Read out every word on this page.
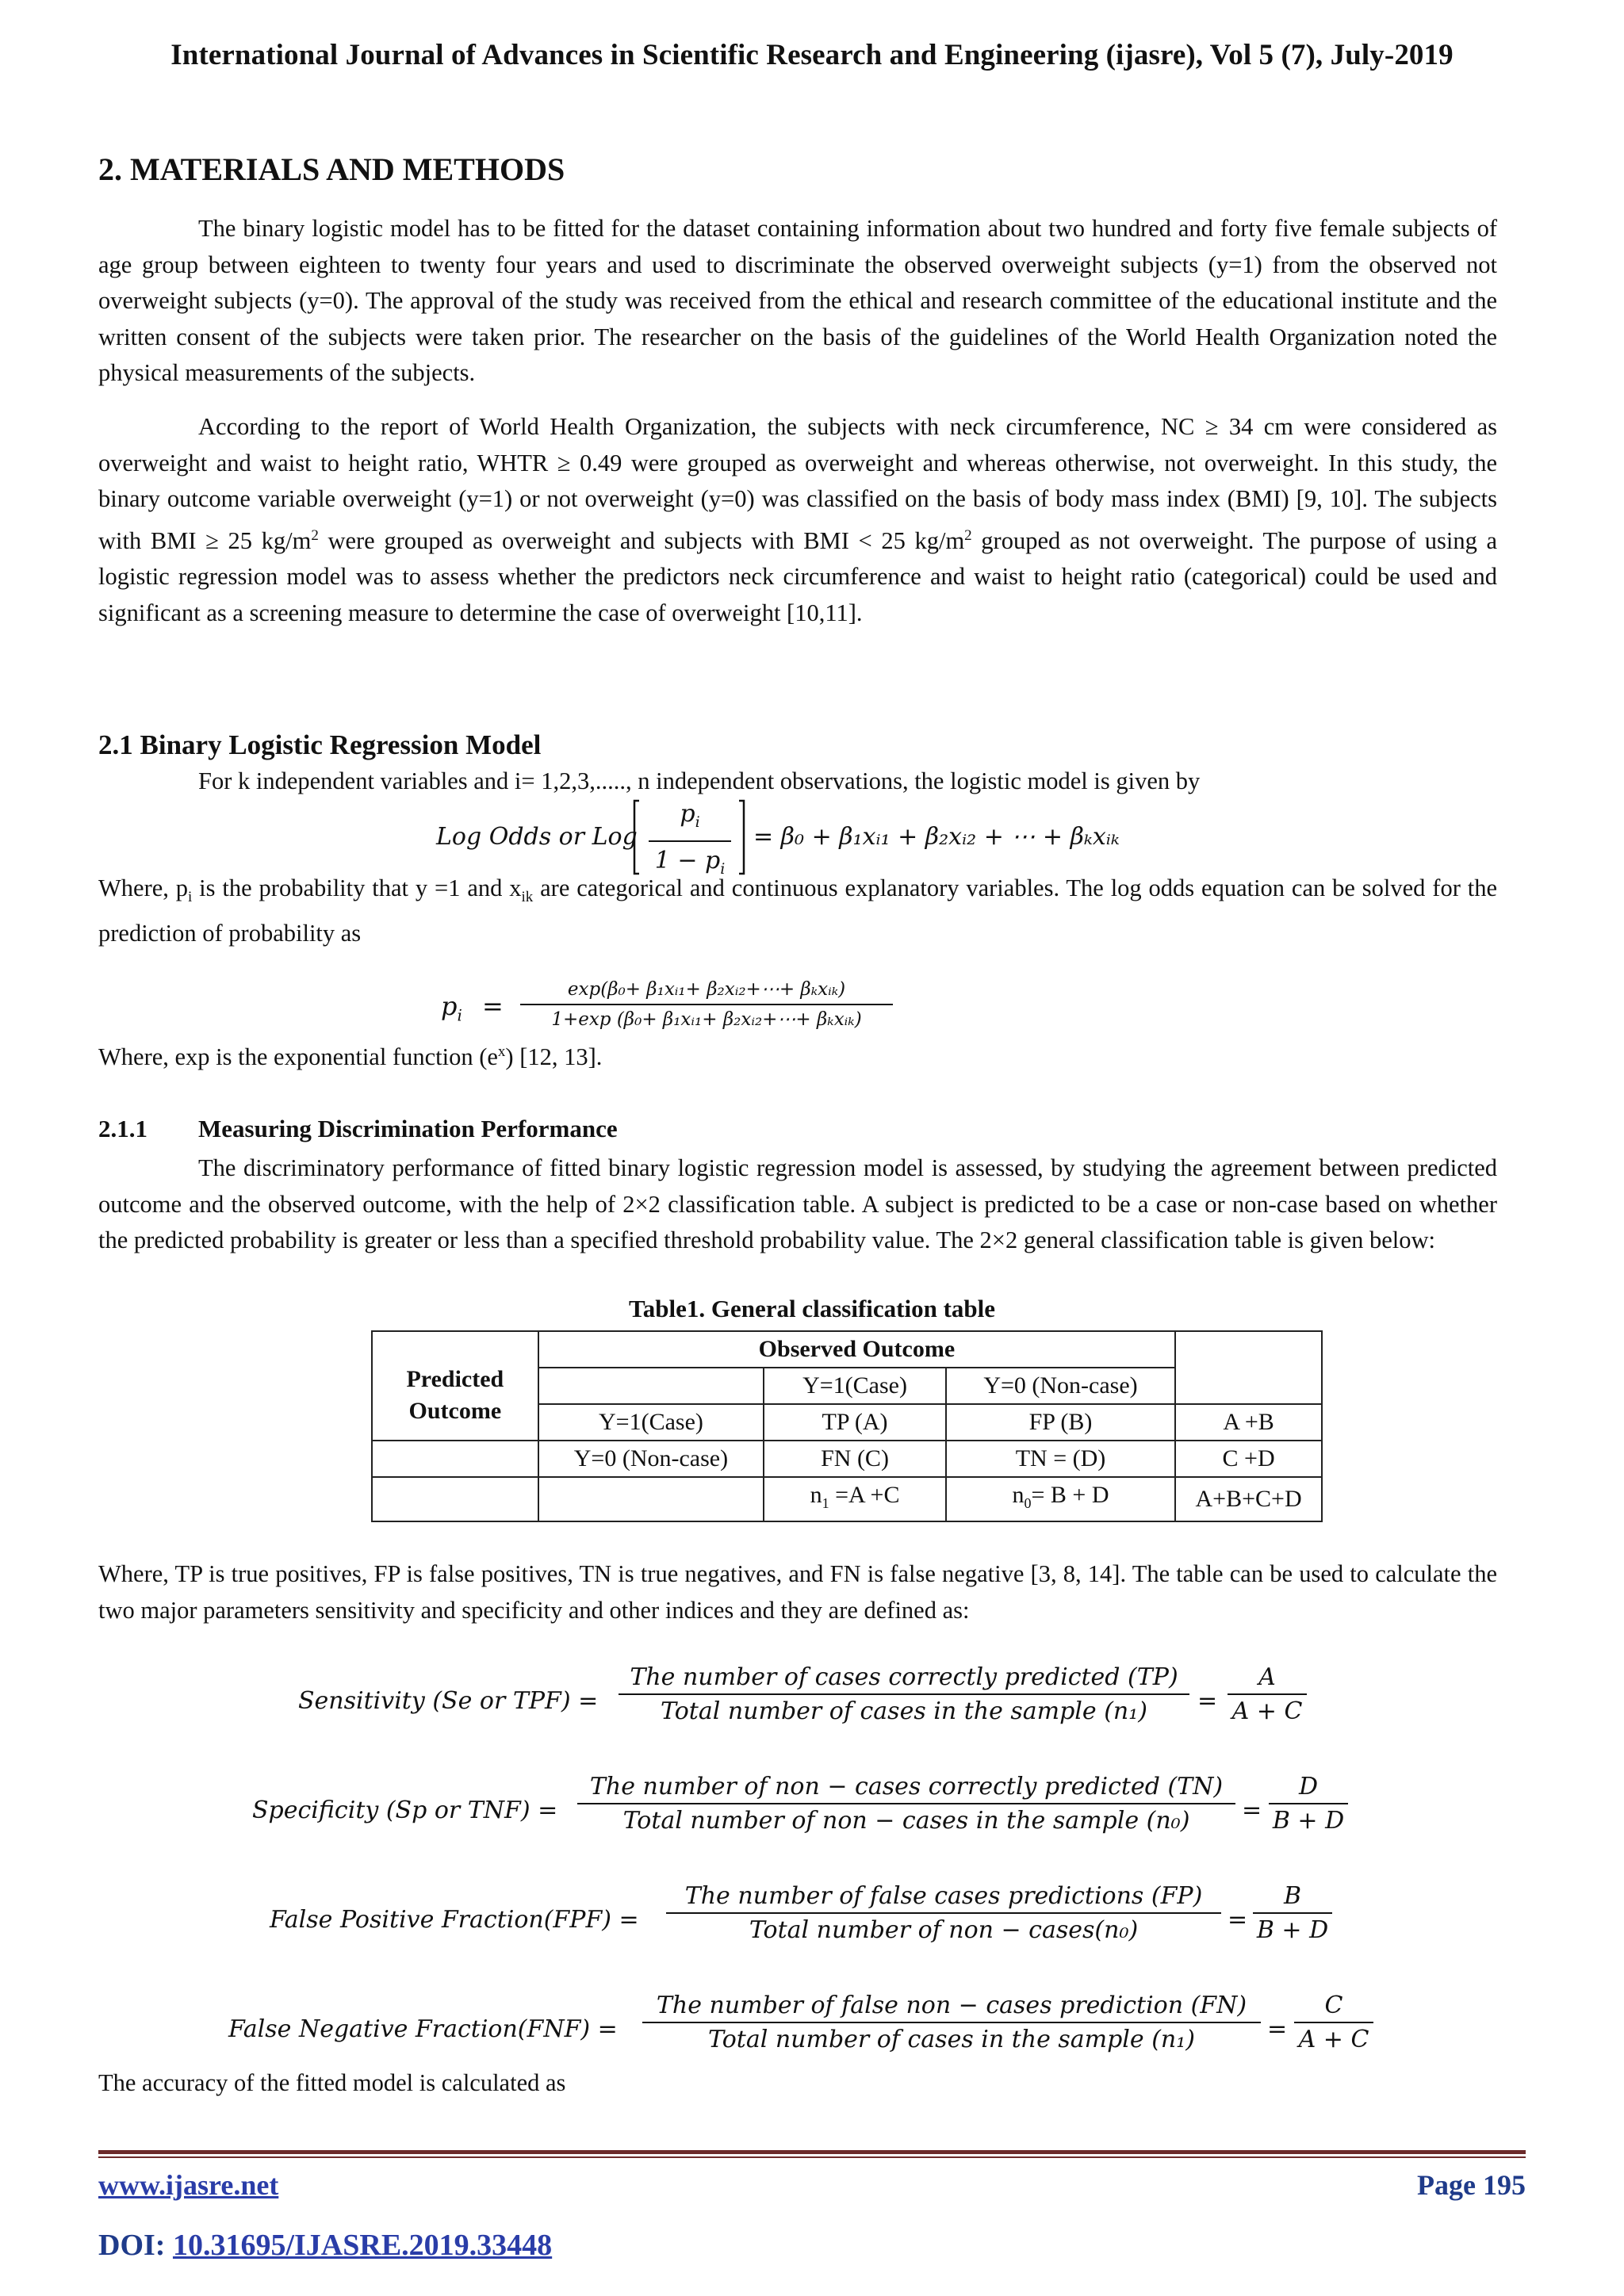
International Journal of Advances in Scientific Research and Engineering (ijasre), Vol 5 (7), July-2019
2. MATERIALS AND METHODS
The binary logistic model has to be fitted for the dataset containing information about two hundred and forty five female subjects of age group between eighteen to twenty four years and used to discriminate the observed overweight subjects (y=1) from the observed not overweight subjects (y=0). The approval of the study was received from the ethical and research committee of the educational institute and the written consent of the subjects were taken prior. The researcher on the basis of the guidelines of the World Health Organization noted the physical measurements of the subjects.
According to the report of World Health Organization, the subjects with neck circumference, NC ≥ 34 cm were considered as overweight and waist to height ratio, WHTR ≥ 0.49 were grouped as overweight and whereas otherwise, not overweight. In this study, the binary outcome variable overweight (y=1) or not overweight (y=0) was classified on the basis of body mass index (BMI) [9, 10]. The subjects with BMI ≥ 25 $kg/m^2$ were grouped as overweight and subjects with BMI < 25 $kg/m^2$ grouped as not overweight. The purpose of using a logistic regression model was to assess whether the predictors neck circumference and waist to height ratio (categorical) could be used and significant as a screening measure to determine the case of overweight [10,11].
2.1 Binary Logistic Regression Model
For k independent variables and i= 1,2,3,....., n independent observations, the logistic model is given by
Log Odds or Log
$p_i$
$1 - p_i$
= β₀ + β₁xᵢ₁ + β₂xᵢ₂ + ⋯ + βₖxᵢₖ
Where, $p_i$ is the probability that y =1 and $x_{ik}$ are categorical and continuous explanatory variables. The log odds equation can be solved for the prediction of probability as
$p_i$ =
exp(β₀+ β₁xᵢ₁+ β₂xᵢ₂+⋯+ βₖxᵢₖ)
1+exp (β₀+ β₁xᵢ₁+ β₂xᵢ₂+⋯+ βₖxᵢₖ)
Where, exp is the exponential function $(e^x)$ [12, 13].
2.1.1 Measuring Discrimination Performance
The discriminatory performance of fitted binary logistic regression model is assessed, by studying the agreement between predicted outcome and the observed outcome, with the help of 2×2 classification table. A subject is predicted to be a case or non-case based on whether the predicted probability is greater or less than a specified threshold probability value. The 2×2 general classification table is given below:
Table1. General classification table
Predicted
Outcome	Observed Outcome			
		Y=1(Case)	Y=0 (Non-case)	
	Y=1(Case)	TP (A)	FP (B)	A +B
	Y=0 (Non-case)	FN (C)	TN = (D)	C +D
		$n_1 =A +C$	$n_0= B + D$	A+B+C+D
Where, TP is true positives, FP is false positives, TN is true negatives, and FN is false negative [3, 8, 14]. The table can be used to calculate the two major parameters sensitivity and specificity and other indices and they are defined as:
Sensitivity (Se or TPF) =
The number of cases correctly predicted (TP)
Total number of cases in the sample (n₁)	=
A
A + C
Specificity (Sp or TNF) =
The number of non − cases correctly predicted (TN)
Total number of non − cases in the sample (n₀)	=
D
B + D
False Positive Fraction(FPF) =
The number of false cases predictions (FP)
Total number of non − cases(n₀)	=
B
B + D
False Negative Fraction(FNF) =
The number of false non − cases prediction (FN)
Total number of cases in the sample (n₁)	=
C
A + C
The accuracy of the fitted model is calculated as
www.ijasre.net	Page 195
DOI: 10.31695/IJASRE.2019.33448
